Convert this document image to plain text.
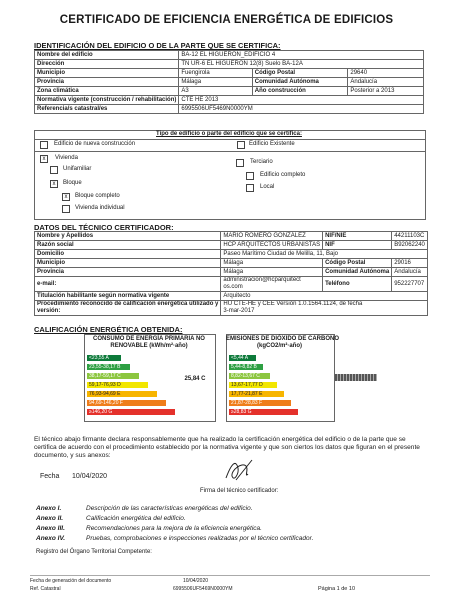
CERTIFICADO DE EFICIENCIA ENERGÉTICA DE EDIFICIOS
IDENTIFICACIÓN DEL EDIFICIO O DE LA PARTE QUE SE CERTIFICA:
Nombre del edificio	BA-12 EL HIGUERON_EDIFICIO 4		
Dirección	TN UR-6 EL HIGUERON 12(8) Suelo BA-12A		
Municipio	Fuengirola	Código Postal	29640
Provincia	Málaga	Comunidad Autónoma	Andalucía
Zona climática	A3	Año construcción	Posterior a 2013
Normativa vigente (construcción / rehabilitación)	CTE HE 2013		
Referencia/s catastral/es	6995506UF5469N0000YM		
Tipo de edificio o parte del edificio que se certifica:
Edificio de nueva construcción	Edificio Existente
x	Vivienda
Unifamiliar
x	Bloque
x	Bloque completo
Vivienda individual
Terciario
Edificio completo
Local
DATOS DEL TÉCNICO CERTIFICADOR:
Nombre y Apellidos	MARIO ROMERO GONZÁLEZ	NIF/NIE	44211103C
Razón social	HCP ARQUITECTOS URBANISTAS	NIF	B92062240
Domicilio	Paseo Marítimo Ciudad de Melilla, 11, Bajo		
Municipio	Málaga	Código Postal	29016
Provincia	Málaga	Comunidad Autónoma	Andalucía
e-mail:	administracion@hcparquitect
os.com	Teléfono	952227707
Titulación habilitante según normativa vigente	Arquitecto		
Procedimiento reconocido de calificación energética utilizado y
versión:	HU CTE-HE y CEE Versión 1.0.1564.1124, de fecha
3-mar-2017		
CALIFICACIÓN ENERGÉTICA OBTENIDA:
CONSUMO DE ENERGÍA PRIMARIA NO
RENOVABLE (kWh/m²·año)
<23,55 A
23,55-38,17 B
38,17-59,17 C
59,17-76,93 D
76,93-94,69 E
94,69-146,20 F
≥146,20 G
25,84 C
EMISIONES DE DIÓXIDO DE CARBONO
(kgCO2/m²·año)
<5,44 A
5,44-8,82 B
8,82-13,67 C
13,67-17,77 D
17,77-21,87 E
21,87-28,83 F
≥28,83 G
El técnico abajo firmante declara responsablemente que ha realizado la certificación energética del edificio o de la parte que se certifica de acuerdo con el procedimiento establecido por la normativa vigente y que son ciertos los datos que figuran en el presente documento, y sus anexos:
Fecha 10/04/2020
Firma del técnico certificador:
Anexo I.	Descripción de las características energéticas del edificio.
Anexo II.	Calificación energética del edificio.
Anexo III.	Recomendaciones para la mejora de la eficiencia energética.
Anexo IV.	Pruebas, comprobaciones e inspecciones realizadas por el técnico certificador.
Registro del Órgano Territorial Competente:
Fecha de generación del documento	10/04/2020
Ref. Catastral	6995506UF5469N0000YM	Página 1 de 10
